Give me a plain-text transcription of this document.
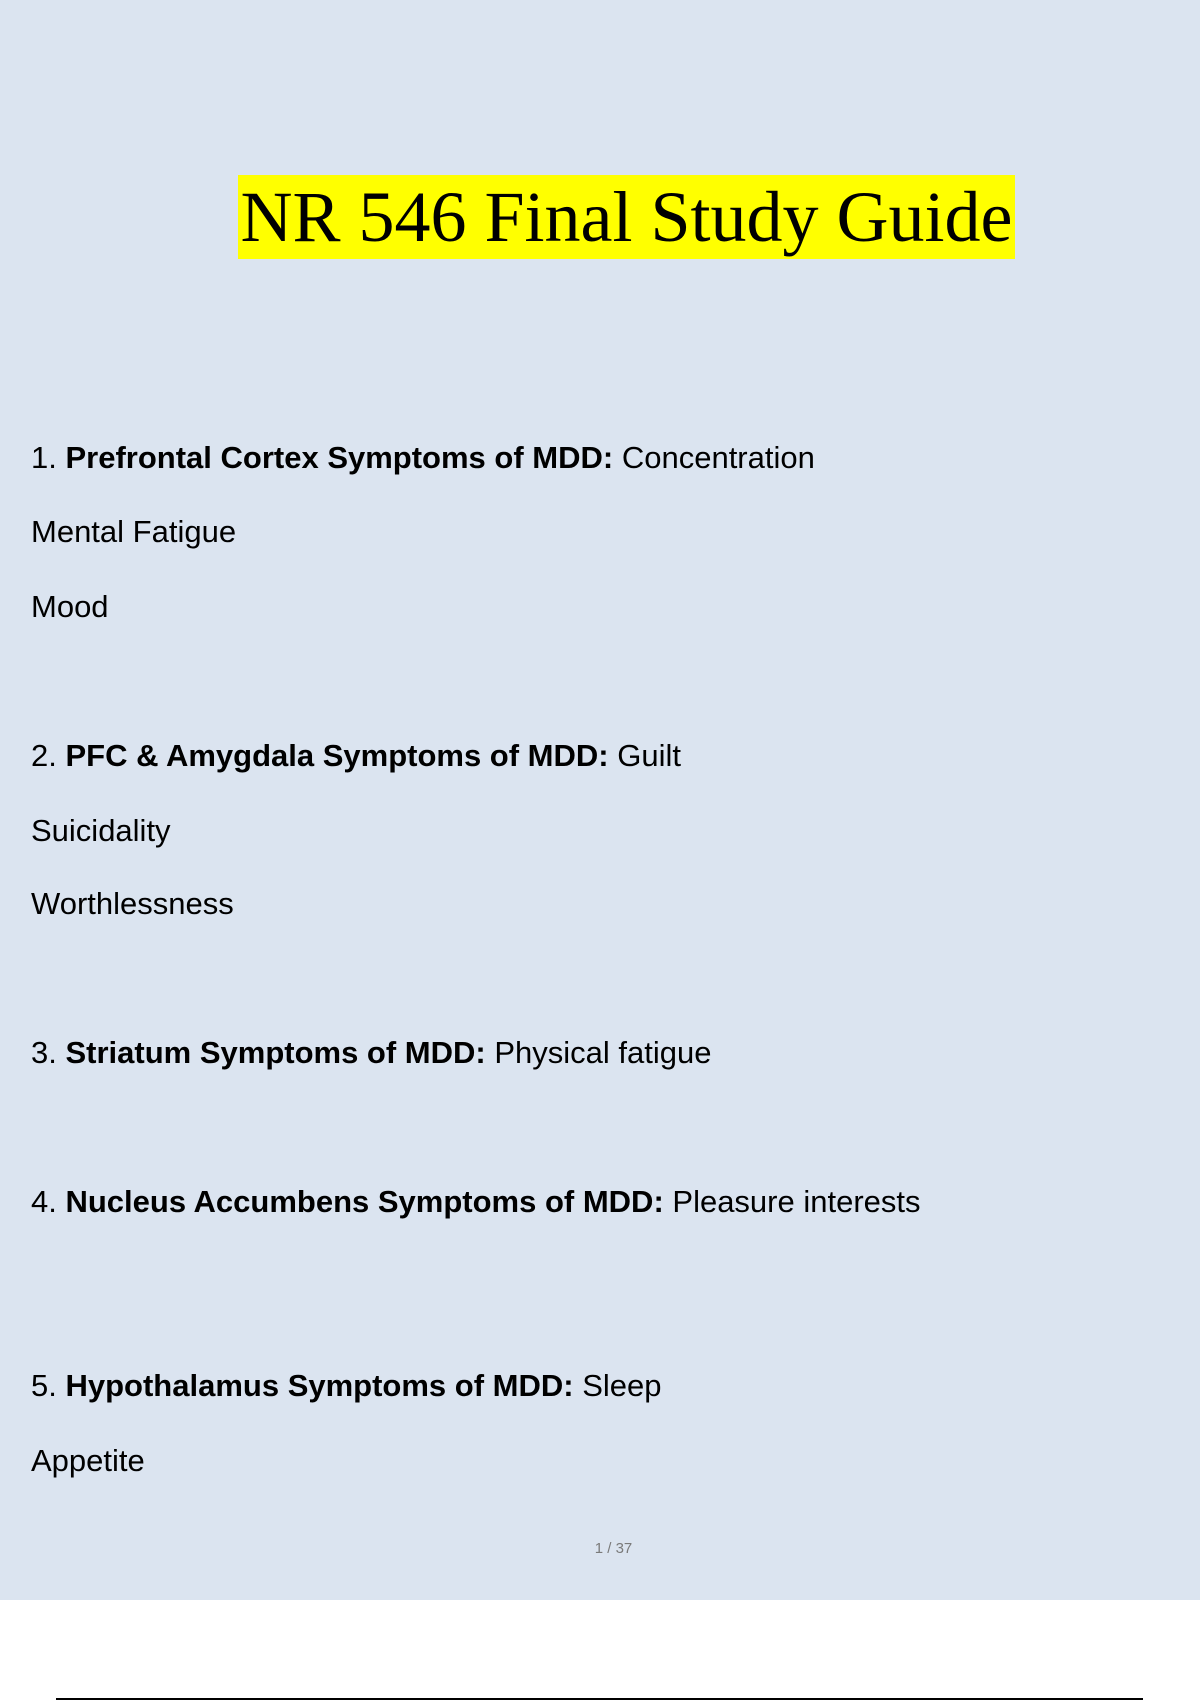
NR 546 Final Study Guide
1. Prefrontal Cortex Symptoms of MDD: Concentration
Mental Fatigue
Mood
2. PFC & Amygdala Symptoms of MDD: Guilt
Suicidality
Worthlessness
3. Striatum Symptoms of MDD: Physical fatigue
4. Nucleus Accumbens Symptoms of MDD: Pleasure interests
5. Hypothalamus Symptoms of MDD: Sleep
Appetite
1 / 37
